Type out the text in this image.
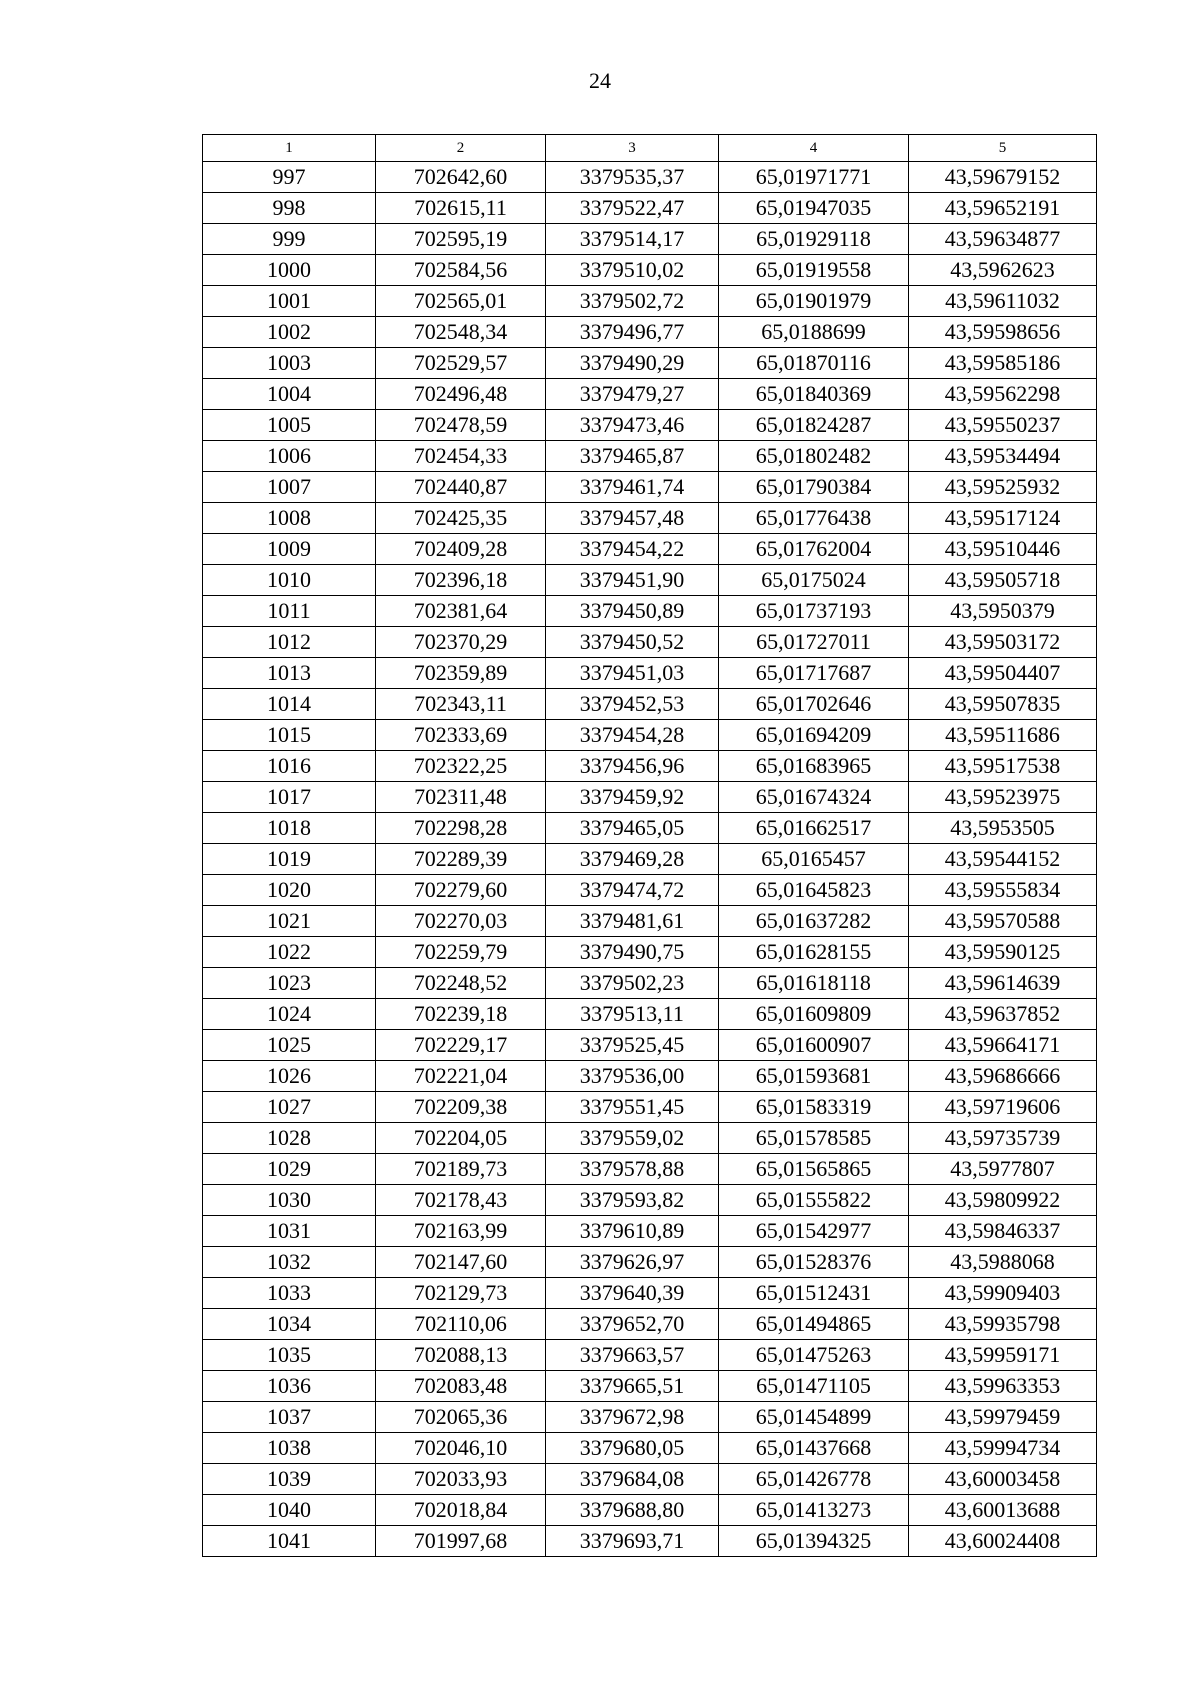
24
1	2	3	4	5
997	702642,60	3379535,37	65,01971771	43,59679152
998	702615,11	3379522,47	65,01947035	43,59652191
999	702595,19	3379514,17	65,01929118	43,59634877
1000	702584,56	3379510,02	65,01919558	43,5962623
1001	702565,01	3379502,72	65,01901979	43,59611032
1002	702548,34	3379496,77	65,0188699	43,59598656
1003	702529,57	3379490,29	65,01870116	43,59585186
1004	702496,48	3379479,27	65,01840369	43,59562298
1005	702478,59	3379473,46	65,01824287	43,59550237
1006	702454,33	3379465,87	65,01802482	43,59534494
1007	702440,87	3379461,74	65,01790384	43,59525932
1008	702425,35	3379457,48	65,01776438	43,59517124
1009	702409,28	3379454,22	65,01762004	43,59510446
1010	702396,18	3379451,90	65,0175024	43,59505718
1011	702381,64	3379450,89	65,01737193	43,5950379
1012	702370,29	3379450,52	65,01727011	43,59503172
1013	702359,89	3379451,03	65,01717687	43,59504407
1014	702343,11	3379452,53	65,01702646	43,59507835
1015	702333,69	3379454,28	65,01694209	43,59511686
1016	702322,25	3379456,96	65,01683965	43,59517538
1017	702311,48	3379459,92	65,01674324	43,59523975
1018	702298,28	3379465,05	65,01662517	43,5953505
1019	702289,39	3379469,28	65,0165457	43,59544152
1020	702279,60	3379474,72	65,01645823	43,59555834
1021	702270,03	3379481,61	65,01637282	43,59570588
1022	702259,79	3379490,75	65,01628155	43,59590125
1023	702248,52	3379502,23	65,01618118	43,59614639
1024	702239,18	3379513,11	65,01609809	43,59637852
1025	702229,17	3379525,45	65,01600907	43,59664171
1026	702221,04	3379536,00	65,01593681	43,59686666
1027	702209,38	3379551,45	65,01583319	43,59719606
1028	702204,05	3379559,02	65,01578585	43,59735739
1029	702189,73	3379578,88	65,01565865	43,5977807
1030	702178,43	3379593,82	65,01555822	43,59809922
1031	702163,99	3379610,89	65,01542977	43,59846337
1032	702147,60	3379626,97	65,01528376	43,5988068
1033	702129,73	3379640,39	65,01512431	43,59909403
1034	702110,06	3379652,70	65,01494865	43,59935798
1035	702088,13	3379663,57	65,01475263	43,59959171
1036	702083,48	3379665,51	65,01471105	43,59963353
1037	702065,36	3379672,98	65,01454899	43,59979459
1038	702046,10	3379680,05	65,01437668	43,59994734
1039	702033,93	3379684,08	65,01426778	43,60003458
1040	702018,84	3379688,80	65,01413273	43,60013688
1041	701997,68	3379693,71	65,01394325	43,60024408
